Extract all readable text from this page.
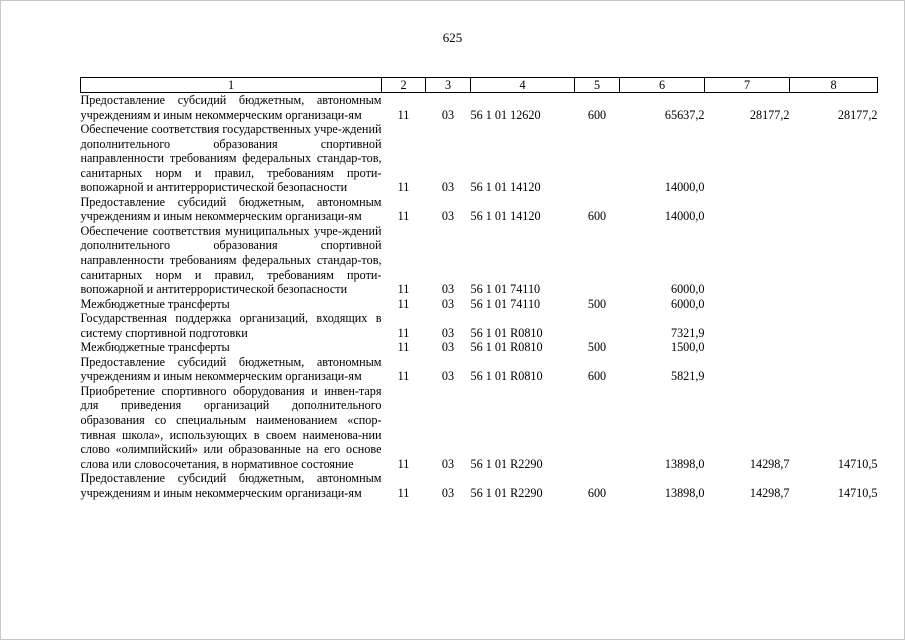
625
1	2	3	4	5	6	7	8
Предоставление субсидий бюджетным, автономным учреждениям и иным некоммерческим организаци-ям	11	03	56 1 01 12620	600	65637,2	28177,2	28177,2
Обеспечение соответствия государственных учре-ждений дополнительного образования спортивной направленности требованиям федеральных стандар-тов, санитарных норм и правил, требованиям проти-вопожарной и антитеррористической безопасности	11	03	56 1 01 14120		14000,0		
Предоставление субсидий бюджетным, автономным учреждениям и иным некоммерческим организаци-ям	11	03	56 1 01 14120	600	14000,0		
Обеспечение соответствия муниципальных учре-ждений дополнительного образования спортивной направленности требованиям федеральных стандар-тов, санитарных норм и правил, требованиям проти-вопожарной и антитеррористической безопасности	11	03	56 1 01 74110		6000,0		
Межбюджетные трансферты	11	03	56 1 01 74110	500	6000,0		
Государственная поддержка организаций, входящих в систему спортивной подготовки	11	03	56 1 01 R0810		7321,9		
Межбюджетные трансферты	11	03	56 1 01 R0810	500	1500,0		
Предоставление субсидий бюджетным, автономным учреждениям и иным некоммерческим организаци-ям	11	03	56 1 01 R0810	600	5821,9		
Приобретение спортивного оборудования и инвен-таря для приведения организаций дополнительного образования со специальным наименованием «спор-тивная школа», использующих в своем наименова-нии слово «олимпийский» или образованные на его основе слова или словосочетания, в нормативное состояние	11	03	56 1 01 R2290		13898,0	14298,7	14710,5
Предоставление субсидий бюджетным, автономным учреждениям и иным некоммерческим организаци-ям	11	03	56 1 01 R2290	600	13898,0	14298,7	14710,5
